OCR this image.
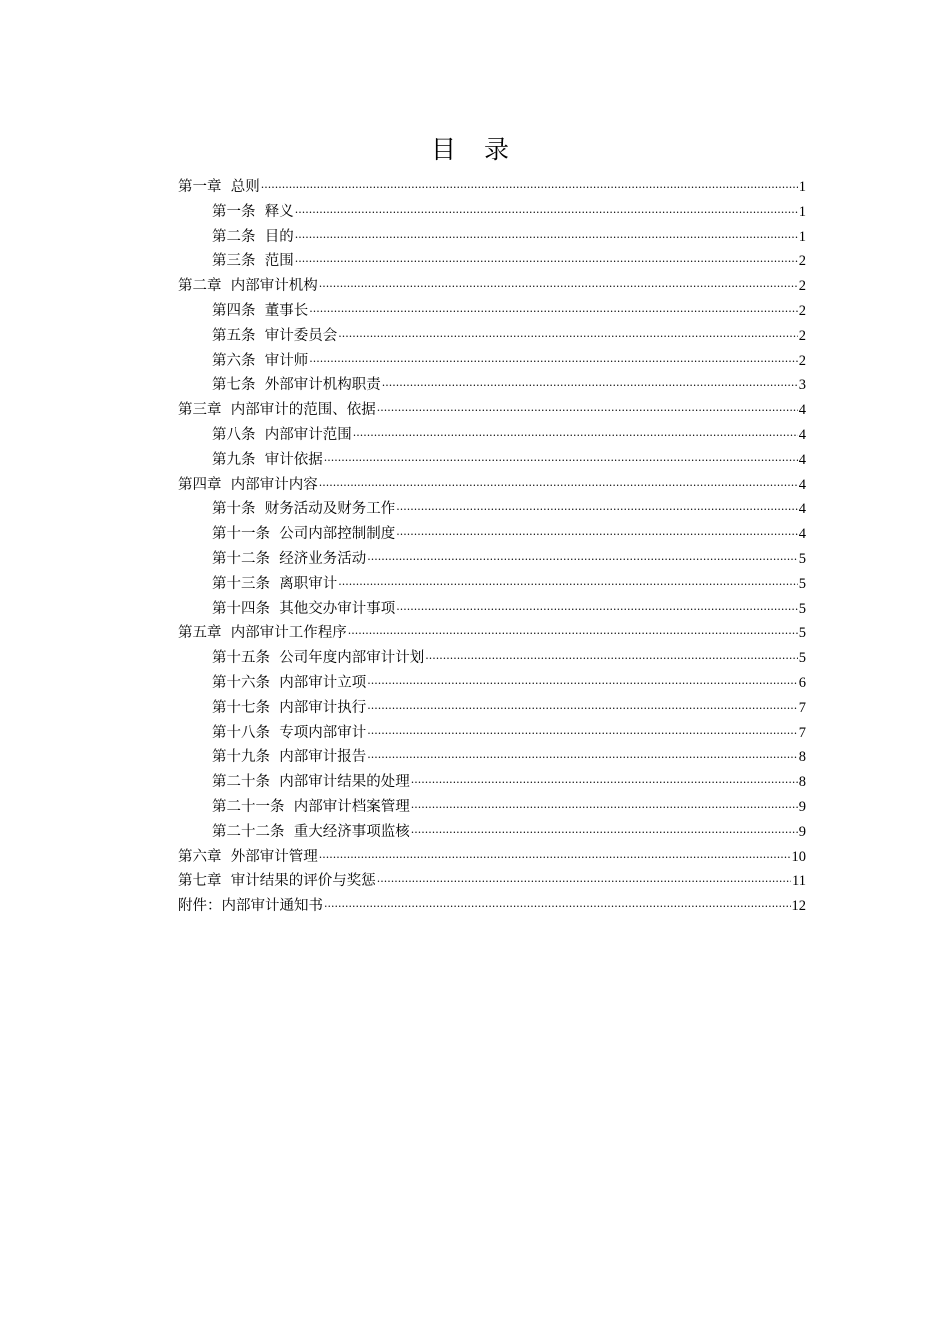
目 录
第一章 总则 ·····	1
第一条 释义 ·····	1
第二条 目的 ·····	1
第三条 范围 ·····	2
第二章 内部审计机构 ·····	2
第四条 董事长 ·····	2
第五条 审计委员会 ·····	2
第六条 审计师 ·····	2
第七条 外部审计机构职责 ·····	3
第三章 内部审计的范围、依据 ·····	4
第八条 内部审计范围 ·····	4
第九条 审计依据 ·····	4
第四章 内部审计内容 ·····	4
第十条 财务活动及财务工作 ·····	4
第十一条 公司内部控制制度 ·····	4
第十二条 经济业务活动 ·····	5
第十三条 离职审计 ·····	5
第十四条 其他交办审计事项 ·····	5
第五章 内部审计工作程序 ·····	5
第十五条 公司年度内部审计计划 ·····	5
第十六条 内部审计立项 ·····	6
第十七条 内部审计执行 ·····	7
第十八条 专项内部审计 ·····	7
第十九条 内部审计报告 ·····	8
第二十条 内部审计结果的处理 ·····	8
第二十一条 内部审计档案管理 ·····	9
第二十二条 重大经济事项监核 ·····	9
第六章 外部审计管理 ·····	10
第七章 审计结果的评价与奖惩 ·····	11
附件：内部审计通知书 ·····	12
